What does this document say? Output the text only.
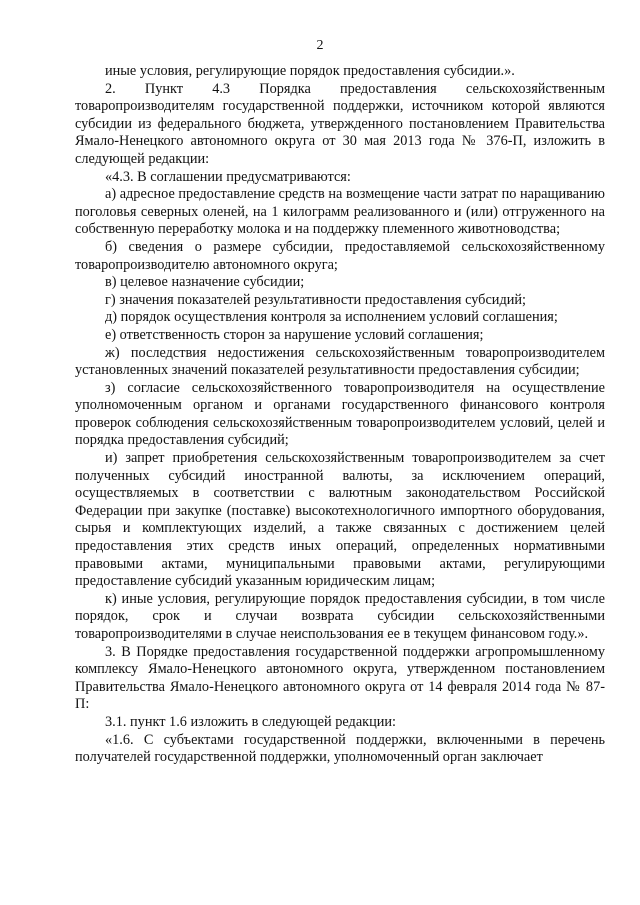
2

иные условия, регулирующие порядок предоставления субсидии.».

2. Пункт 4.3 Порядка предоставления сельскохозяйственным товаропроизводителям государственной поддержки, источником которой являются субсидии из федерального бюджета, утвержденного постановлением Правительства Ямало-Ненецкого автономного округа от 30 мая 2013 года № 376-П, изложить в следующей редакции:

«4.3. В соглашении предусматриваются:

а) адресное предоставление средств на возмещение части затрат по наращиванию поголовья северных оленей, на 1 килограмм реализованного и (или) отгруженного на собственную переработку молока и на поддержку племенного животноводства;

б) сведения о размере субсидии, предоставляемой сельскохозяйственному товаропроизводителю автономного округа;

в) целевое назначение субсидии;

г) значения показателей результативности предоставления субсидий;

д) порядок осуществления контроля за исполнением условий соглашения;

е) ответственность сторон за нарушение условий соглашения;

ж) последствия недостижения сельскохозяйственным товаропроизводителем установленных значений показателей результативности предоставления субсидии;

з) согласие сельскохозяйственного товаропроизводителя на осуществление уполномоченным органом и органами государственного финансового контроля проверок соблюдения сельскохозяйственным товаропроизводителем условий, целей и порядка предоставления субсидий;

и) запрет приобретения сельскохозяйственным товаропроизводителем за счет полученных субсидий иностранной валюты, за исключением операций, осуществляемых в соответствии с валютным законодательством Российской Федерации при закупке (поставке) высокотехнологичного импортного оборудования, сырья и комплектующих изделий, а также связанных с достижением целей предоставления этих средств иных операций, определенных нормативными правовыми актами, муниципальными правовыми актами, регулирующими предоставление субсидий указанным юридическим лицам;

к) иные условия, регулирующие порядок предоставления субсидии, в том числе порядок, срок и случаи возврата субсидии сельскохозяйственными товаропроизводителями в случае неиспользования ее в текущем финансовом году.».

3. В Порядке предоставления государственной поддержки агропромышленному комплексу Ямало-Ненецкого автономного округа, утвержденном постановлением Правительства Ямало-Ненецкого автономного округа от 14 февраля 2014 года № 87-П:

3.1. пункт 1.6 изложить в следующей редакции:

«1.6. С субъектами государственной поддержки, включенными в перечень получателей государственной поддержки, уполномоченный орган заключает
